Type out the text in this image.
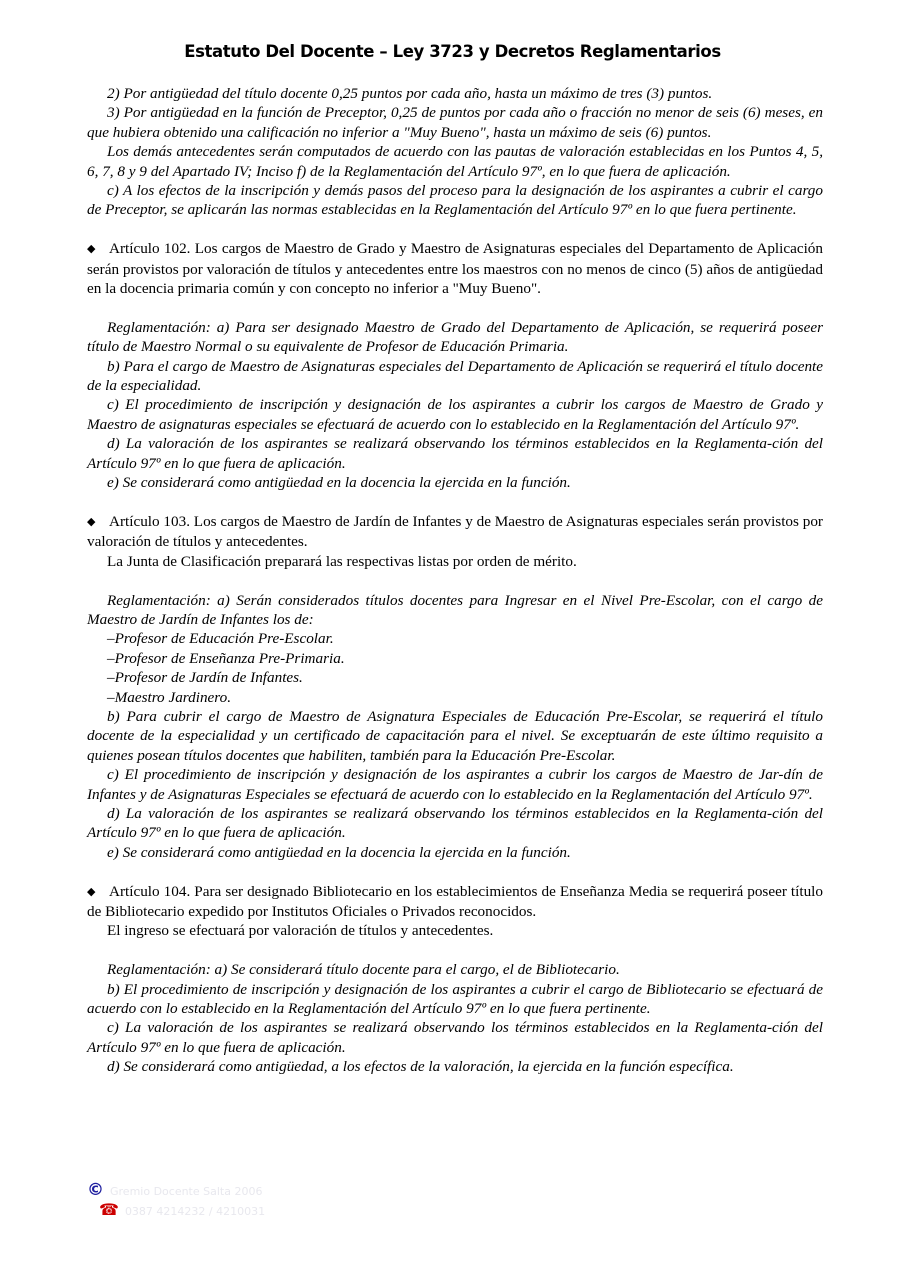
Estatuto Del Docente – Ley 3723 y Decretos Reglamentarios

2) Por antigüedad del título docente 0,25 puntos por cada año, hasta un máximo de tres (3) puntos.

3) Por antigüedad en la función de Preceptor, 0,25 de puntos por cada año o fracción no menor de seis (6) meses, en que hubiera obtenido una calificación no inferior a "Muy Bueno", hasta un máximo de seis (6) puntos.

Los demás antecedentes serán computados de acuerdo con las pautas de valoración establecidas en los Puntos 4, 5, 6, 7, 8 y 9 del Apartado IV; Inciso f) de la Reglamentación del Artículo 97º, en lo que fuera de aplicación.

c) A los efectos de la inscripción y demás pasos del proceso para la designación de los aspirantes a cubrir el cargo de Preceptor, se aplicarán las normas establecidas en la Reglamentación del Artículo 97º en lo que fuera pertinente.

◆ Artículo 102. Los cargos de Maestro de Grado y Maestro de Asignaturas especiales del Departamento de Aplicación serán provistos por valoración de títulos y antecedentes entre los maestros con no menos de cinco (5) años de antigüedad en la docencia primaria común y con concepto no inferior a "Muy Bueno".

Reglamentación: a) Para ser designado Maestro de Grado del Departamento de Aplicación, se requerirá poseer título de Maestro Normal o su equivalente de Profesor de Educación Primaria.

b) Para el cargo de Maestro de Asignaturas especiales del Departamento de Aplicación se requerirá el título docente de la especialidad.

c) El procedimiento de inscripción y designación de los aspirantes a cubrir los cargos de Maestro de Grado y Maestro de asignaturas especiales se efectuará de acuerdo con lo establecido en la Reglamentación del Artículo 97º.

d) La valoración de los aspirantes se realizará observando los términos establecidos en la Reglamenta-ción del Artículo 97º en lo que fuera de aplicación.

e) Se considerará como antigüedad en la docencia la ejercida en la función.

◆ Artículo 103. Los cargos de Maestro de Jardín de Infantes y de Maestro de Asignaturas especiales serán provistos por valoración de títulos y antecedentes.

La Junta de Clasificación preparará las respectivas listas por orden de mérito.

Reglamentación: a) Serán considerados títulos docentes para Ingresar en el Nivel Pre-Escolar, con el cargo de Maestro de Jardín de Infantes los de:

–Profesor de Educación Pre-Escolar.

–Profesor de Enseñanza Pre-Primaria.

–Profesor de Jardín de Infantes.

–Maestro Jardinero.

b) Para cubrir el cargo de Maestro de Asignatura Especiales de Educación Pre-Escolar, se requerirá el título docente de la especialidad y un certificado de capacitación para el nivel. Se exceptuarán de este último requisito a quienes posean títulos docentes que habiliten, también para la Educación Pre-Escolar.

c) El procedimiento de inscripción y designación de los aspirantes a cubrir los cargos de Maestro de Jar-dín de Infantes y de Asignaturas Especiales se efectuará de acuerdo con lo establecido en la Reglamentación del Artículo 97º.

d) La valoración de los aspirantes se realizará observando los términos establecidos en la Reglamenta-ción del Artículo 97º en lo que fuera de aplicación.

e) Se considerará como antigüedad en la docencia la ejercida en la función.

◆ Artículo 104. Para ser designado Bibliotecario en los establecimientos de Enseñanza Media se requerirá poseer título de Bibliotecario expedido por Institutos Oficiales o Privados reconocidos.

El ingreso se efectuará por valoración de títulos y antecedentes.

Reglamentación: a) Se considerará título docente para el cargo, el de Bibliotecario.

b) El procedimiento de inscripción y designación de los aspirantes a cubrir el cargo de Bibliotecario se efectuará de acuerdo con lo establecido en la Reglamentación del Artículo 97º en lo que fuera pertinente.

c) La valoración de los aspirantes se realizará observando los términos establecidos en la Reglamenta-ción del Artículo 97º en lo que fuera de aplicación.

d) Se considerará como antigüedad, a los efectos de la valoración, la ejercida en la función específica.

© Gremio Docente Salta 2006
☎ 0387 4214232 / 4210031
